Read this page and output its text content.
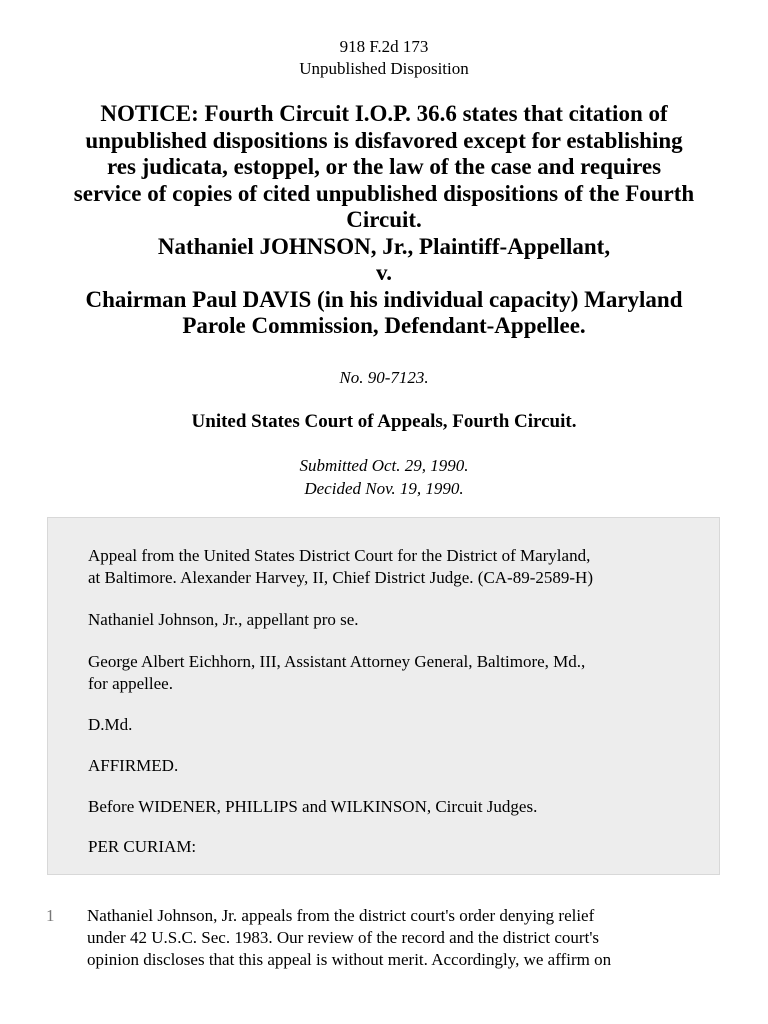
918 F.2d 173
Unpublished Disposition
NOTICE: Fourth Circuit I.O.P. 36.6 states that citation of
unpublished dispositions is disfavored except for establishing
res judicata, estoppel, or the law of the case and requires
service of copies of cited unpublished dispositions of the Fourth
Circuit.
Nathaniel JOHNSON, Jr., Plaintiff-Appellant,
v.
Chairman Paul DAVIS (in his individual capacity) Maryland
Parole Commission, Defendant-Appellee.
No. 90-7123.
United States Court of Appeals, Fourth Circuit.
Submitted Oct. 29, 1990.
Decided Nov. 19, 1990.

Appeal from the United States District Court for the District of Maryland,
at Baltimore. Alexander Harvey, II, Chief District Judge. (CA-89-2589-H)

Nathaniel Johnson, Jr., appellant pro se.

George Albert Eichhorn, III, Assistant Attorney General, Baltimore, Md.,
for appellee.

D.Md.

AFFIRMED.

Before WIDENER, PHILLIPS and WILKINSON, Circuit Judges.

PER CURIAM:

1 Nathaniel Johnson, Jr. appeals from the district court's order denying relief
under 42 U.S.C. Sec. 1983. Our review of the record and the district court's
opinion discloses that this appeal is without merit. Accordingly, we affirm on
